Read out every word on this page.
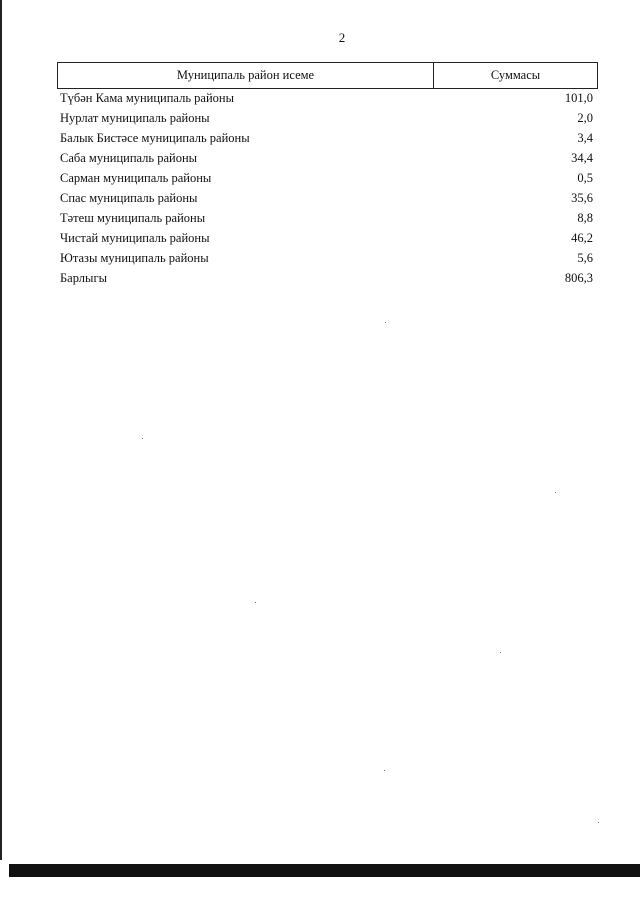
2
Муниципаль район исеме	Суммасы
Түбән Кама муниципаль районы	101,0
Нурлат муниципаль районы	2,0
Балык Бистәсе муниципаль районы	3,4
Саба муниципаль районы	34,4
Сарман муниципаль районы	0,5
Спас муниципаль районы	35,6
Тәтеш муниципаль районы	8,8
Чистай муниципаль районы	46,2
Ютазы муниципаль районы	5,6
Барлыгы	806,3
